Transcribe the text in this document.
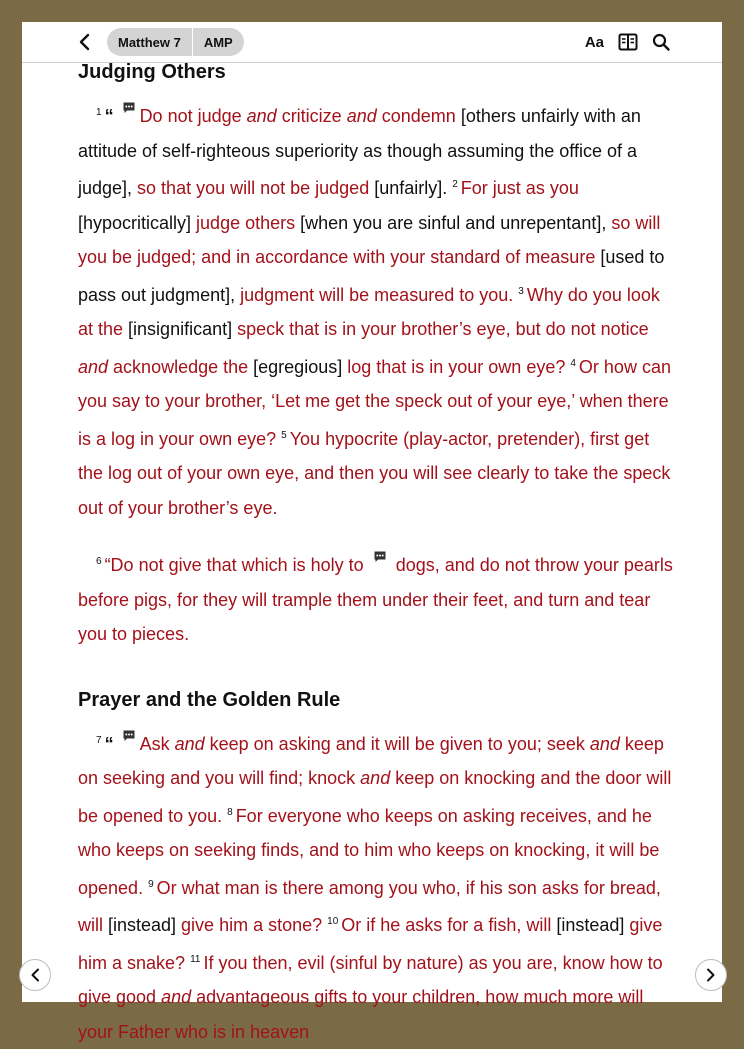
Matthew 7	AMP	Aa
Judging Others

$^1$ “ Do not judge and criticize and condemn [others unfairly with an attitude of self-righteous superiority as though assuming the office of a judge], so that you will not be judged [unfairly]. $^2$ For just as you [hypocritically] judge others [when you are sinful and unrepentant], so will you be judged; and in accordance with your standard of measure [used to pass out judgment], judgment will be measured to you. $^3$ Why do you look at the [insignificant] speck that is in your brother’s eye, but do not notice and acknowledge the [egregious] log that is in your own eye? $^4$ Or how can you say to your brother, ‘Let me get the speck out of your eye,’ when there is a log in your own eye? $^5$ You hypocrite (play-actor, pretender), first get the log out of your own eye, and then you will see clearly to take the speck out of your brother’s eye.

$^6$ “Do not give that which is holy to  dogs, and do not throw your pearls before pigs, for they will trample them under their feet, and turn and tear you to pieces.

Prayer and the Golden Rule

$^7$ “ Ask and keep on asking and it will be given to you; seek and keep on seeking and you will find; knock and keep on knocking and the door will be opened to you. $^8$ For everyone who keeps on asking receives, and he who keeps on seeking finds, and to him who keeps on knocking, it will be opened. $^9$ Or what man is there among you who, if his son asks for bread, will [instead] give him a stone? $^{10}$ Or if he asks for a fish, will [instead] give him a snake? $^{11}$ If you then, evil (sinful by nature) as you are, know how to give good and advantageous gifts to your children, how much more will your Father who is in heaven
